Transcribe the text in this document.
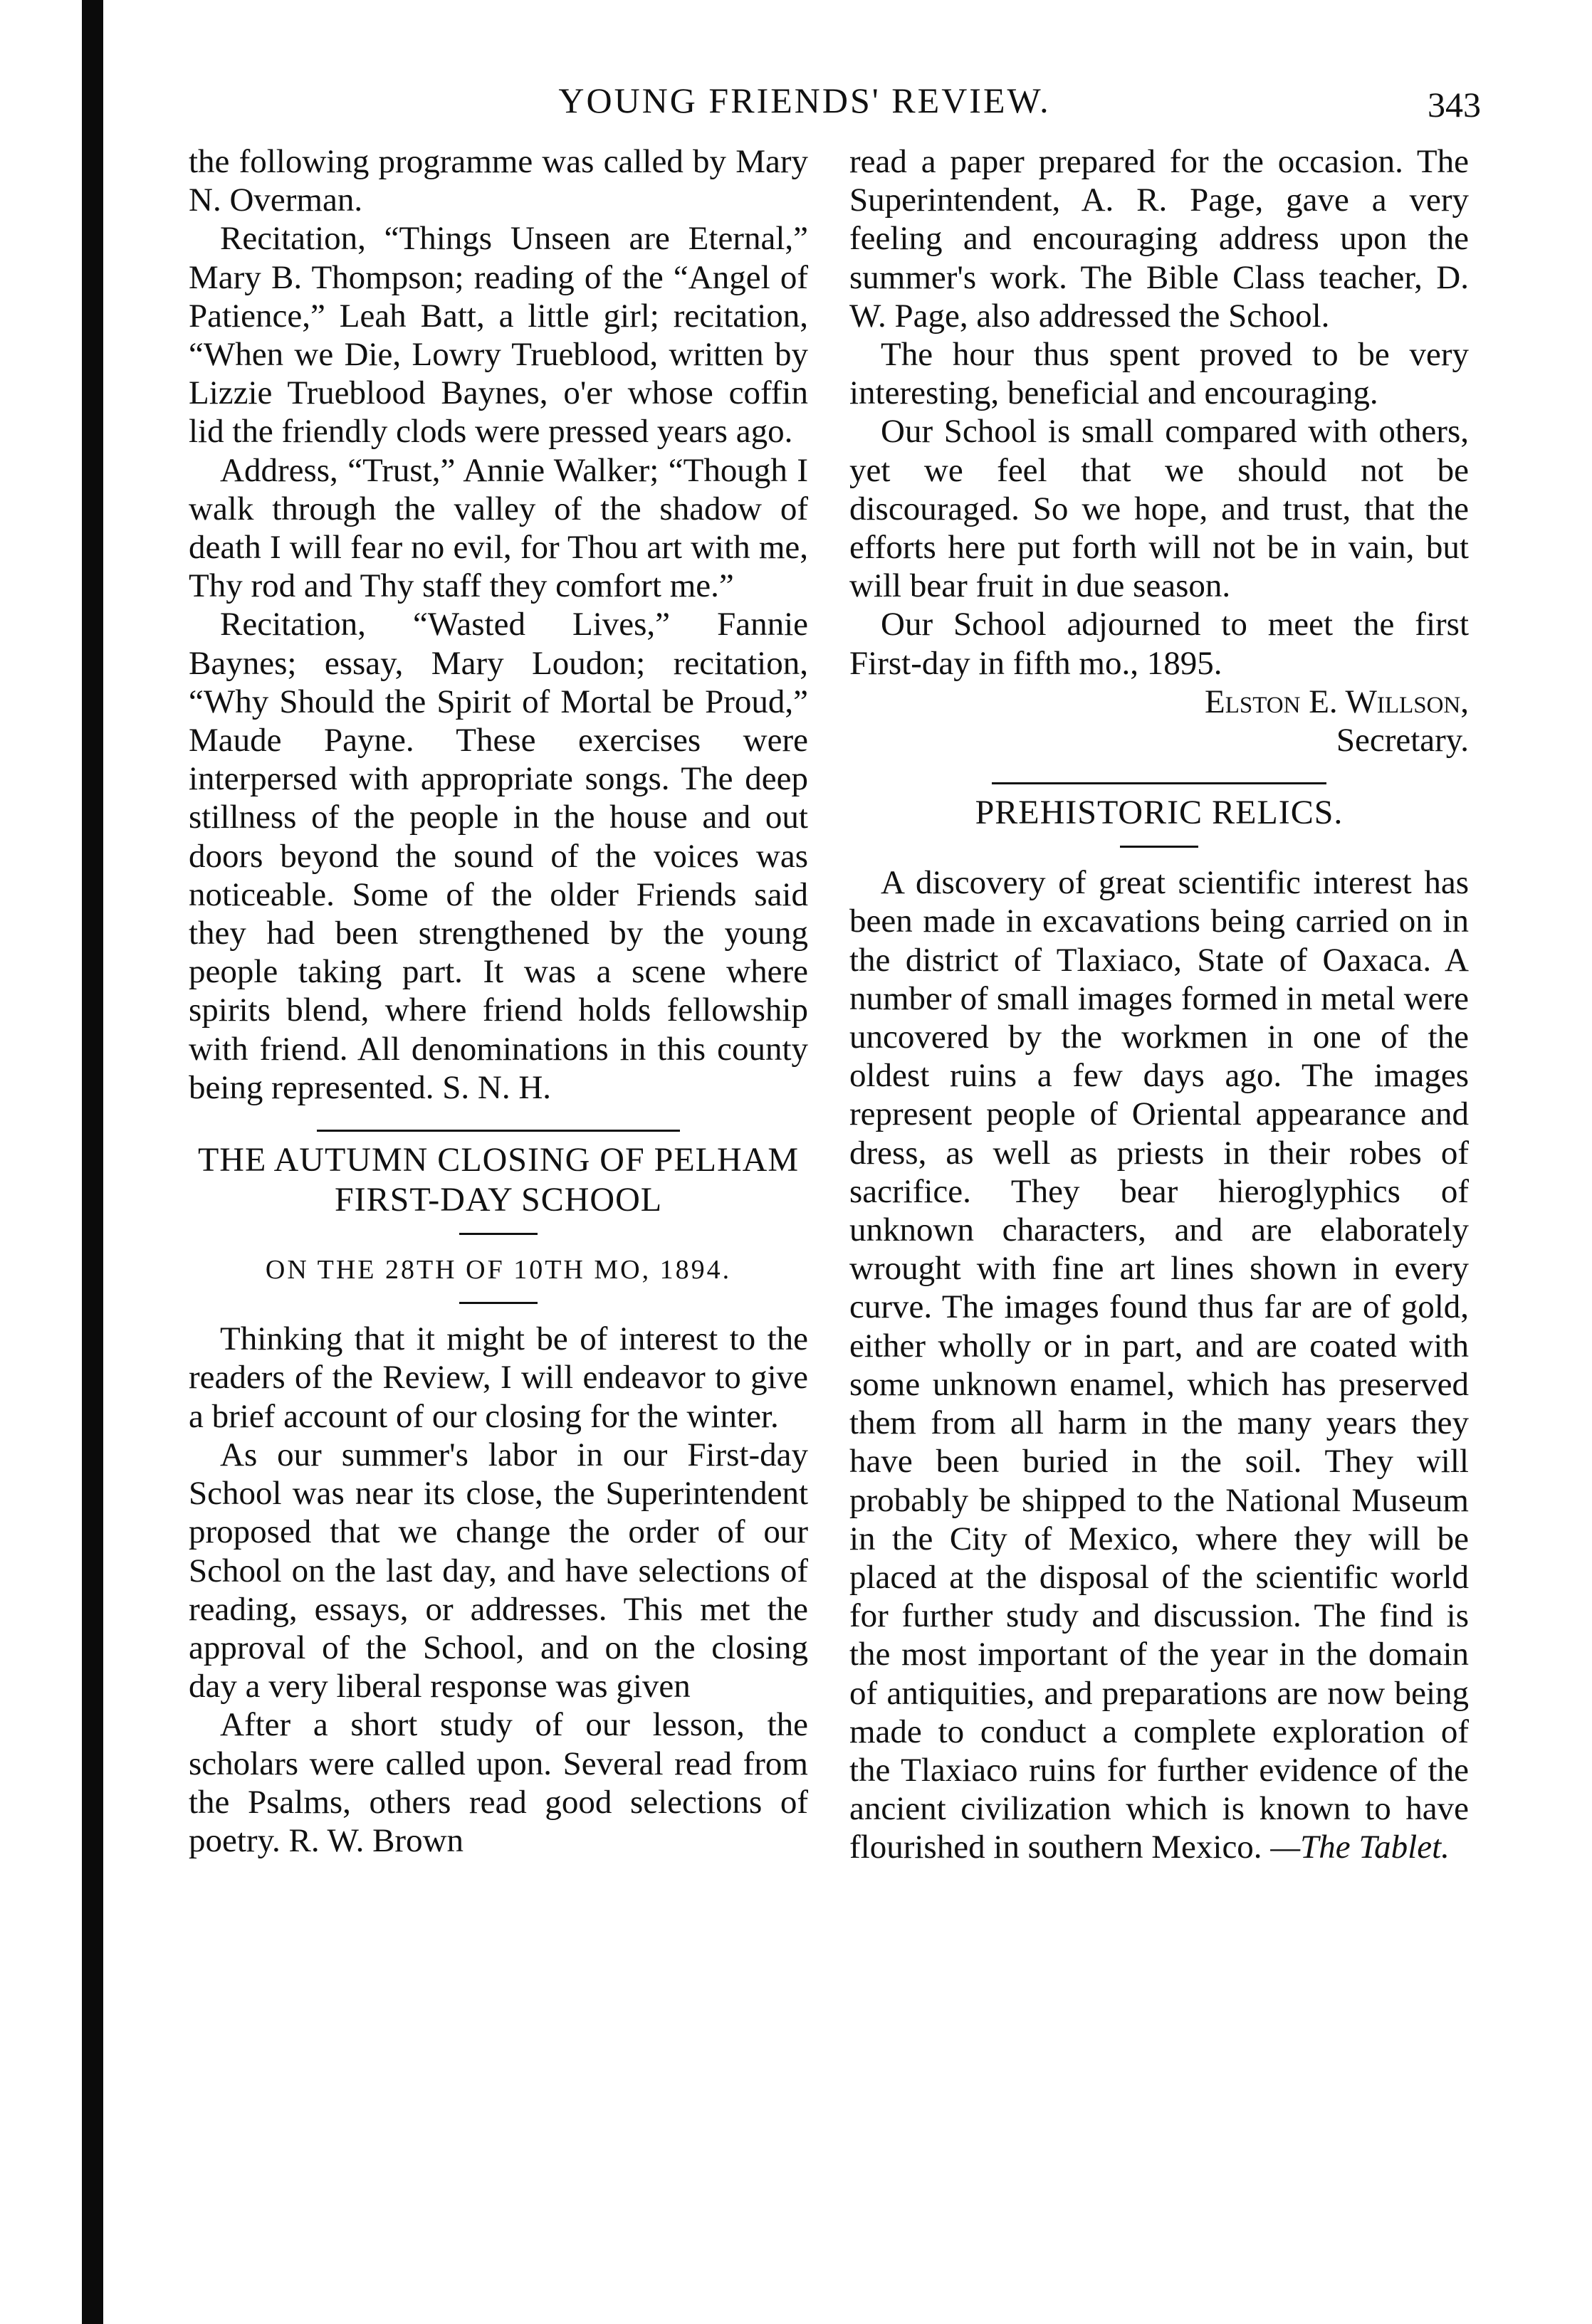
YOUNG FRIENDS' REVIEW.	343

the following programme was called by Mary N. Overman.

Recitation, “Things Unseen are Eternal,” Mary B. Thompson; reading of the “Angel of Patience,” Leah Batt, a little girl; recitation, “When we Die, Lowry Trueblood, written by Lizzie Trueblood Baynes, o'er whose coffin lid the friendly clods were pressed years ago.

Address, “Trust,” Annie Walker; “Though I walk through the valley of the shadow of death I will fear no evil, for Thou art with me, Thy rod and Thy staff they comfort me.”

Recitation, “Wasted Lives,” Fannie Baynes; essay, Mary Loudon; recitation, “Why Should the Spirit of Mortal be Proud,” Maude Payne. These exercises were interpersed with appropriate songs. The deep stillness of the people in the house and out doors beyond the sound of the voices was noticeable. Some of the older Friends said they had been strengthened by the young people taking part. It was a scene where spirits blend, where friend holds fellowship with friend. All denominations in this county being represented. S. N. H.

THE AUTUMN CLOSING OF PELHAM FIRST-DAY SCHOOL
ON THE 28TH OF 10TH MO, 1894.

Thinking that it might be of interest to the readers of the Review, I will endeavor to give a brief account of our closing for the winter.

As our summer's labor in our First-day School was near its close, the Superintendent proposed that we change the order of our School on the last day, and have selections of reading, essays, or addresses. This met the approval of the School, and on the closing day a very liberal response was given

After a short study of our lesson, the scholars were called upon. Several read from the Psalms, others read good selections of poetry. R. W. Brown

read a paper prepared for the occasion. The Superintendent, A. R. Page, gave a very feeling and encouraging address upon the summer's work. The Bible Class teacher, D. W. Page, also addressed the School.

The hour thus spent proved to be very interesting, beneficial and encouraging.

Our School is small compared with others, yet we feel that we should not be discouraged. So we hope, and trust, that the efforts here put forth will not be in vain, but will bear fruit in due season.

Our School adjourned to meet the first First-day in fifth mo., 1895.

Elston E. Willson,

Secretary.

PREHISTORIC RELICS.

A discovery of great scientific interest has been made in excavations being carried on in the district of Tlaxiaco, State of Oaxaca. A number of small images formed in metal were uncovered by the workmen in one of the oldest ruins a few days ago. The images represent people of Oriental appearance and dress, as well as priests in their robes of sacrifice. They bear hieroglyphics of unknown characters, and are elaborately wrought with fine art lines shown in every curve. The images found thus far are of gold, either wholly or in part, and are coated with some unknown enamel, which has preserved them from all harm in the many years they have been buried in the soil. They will probably be shipped to the National Museum in the City of Mexico, where they will be placed at the disposal of the scientific world for further study and discussion. The find is the most important of the year in the domain of antiquities, and preparations are now being made to conduct a complete exploration of the Tlaxiaco ruins for further evidence of the ancient civilization which is known to have flourished in southern Mexico. —The Tablet.
